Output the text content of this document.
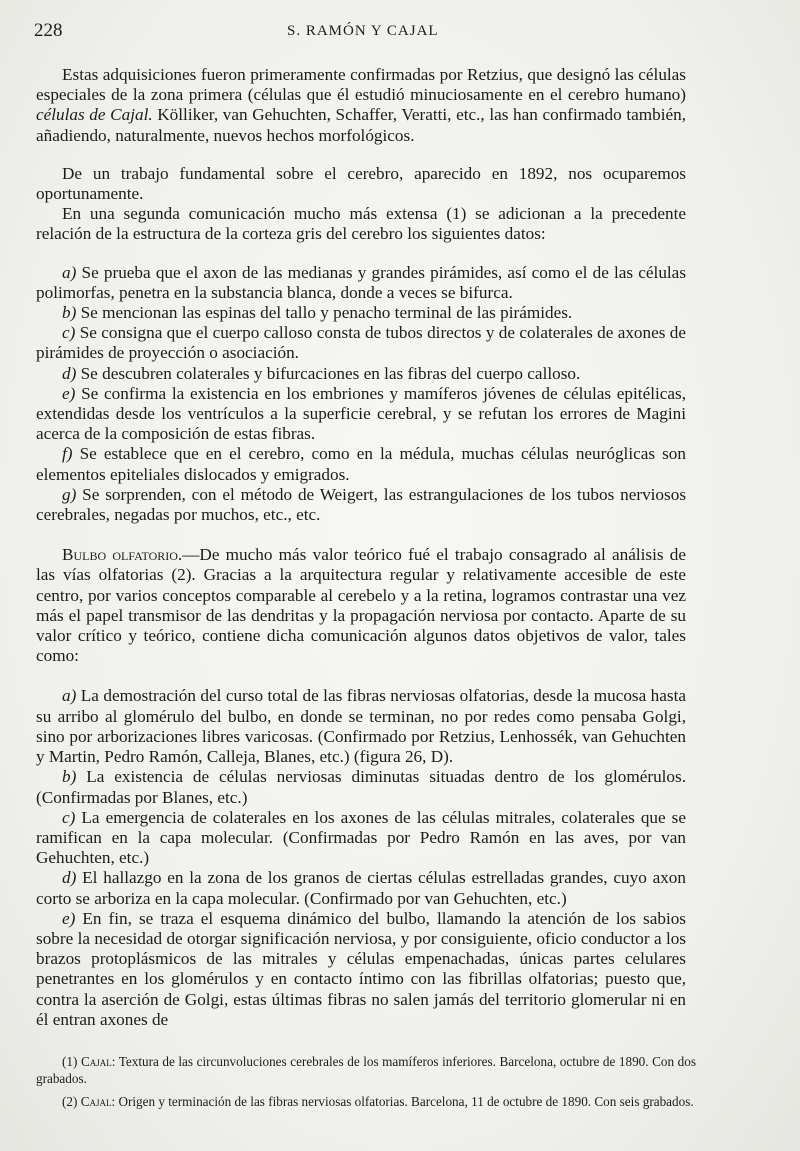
228	S. RAMÓN Y CAJAL

Estas adquisiciones fueron primeramente confirmadas por Retzius, que designó las células especiales de la zona primera (células que él estudió minuciosamente en el cerebro humano) células de Cajal. Kölliker, van Gehuchten, Schaffer, Veratti, etc., las han confirmado también, añadiendo, naturalmente, nuevos hechos morfológicos.

De un trabajo fundamental sobre el cerebro, aparecido en 1892, nos ocuparemos oportunamente.

En una segunda comunicación mucho más extensa (1) se adicionan a la precedente relación de la estructura de la corteza gris del cerebro los siguientes datos:

a) Se prueba que el axon de las medianas y grandes pirámides, así como el de las células polimorfas, penetra en la substancia blanca, donde a veces se bifurca.

b) Se mencionan las espinas del tallo y penacho terminal de las pirámides.

c) Se consigna que el cuerpo calloso consta de tubos directos y de colaterales de axones de pirámides de proyección o asociación.

d) Se descubren colaterales y bifurcaciones en las fibras del cuerpo calloso.

e) Se confirma la existencia en los embriones y mamíferos jóvenes de células epitélicas, extendidas desde los ventrículos a la superficie cerebral, y se refutan los errores de Magini acerca de la composición de estas fibras.

f) Se establece que en el cerebro, como en la médula, muchas células neuróglicas son elementos epiteliales dislocados y emigrados.

g) Se sorprenden, con el método de Weigert, las estrangulaciones de los tubos nerviosos cerebrales, negadas por muchos, etc., etc.

Bulbo olfatorio.—De mucho más valor teórico fué el trabajo consagrado al análisis de las vías olfatorias (2). Gracias a la arquitectura regular y relativamente accesible de este centro, por varios conceptos comparable al cerebelo y a la retina, logramos contrastar una vez más el papel transmisor de las dendritas y la propagación nerviosa por contacto. Aparte de su valor crítico y teórico, contiene dicha comunicación algunos datos objetivos de valor, tales como:

a) La demostración del curso total de las fibras nerviosas olfatorias, desde la mucosa hasta su arribo al glomérulo del bulbo, en donde se terminan, no por redes como pensaba Golgi, sino por arborizaciones libres varicosas. (Confirmado por Retzius, Lenhossék, van Gehuchten y Martin, Pedro Ramón, Calleja, Blanes, etc.) (figura 26, D).

b) La existencia de células nerviosas diminutas situadas dentro de los glomérulos. (Confirmadas por Blanes, etc.)

c) La emergencia de colaterales en los axones de las células mitrales, colaterales que se ramifican en la capa molecular. (Confirmadas por Pedro Ramón en las aves, por van Gehuchten, etc.)

d) El hallazgo en la zona de los granos de ciertas células estrelladas grandes, cuyo axon corto se arboriza en la capa molecular. (Confirmado por van Gehuchten, etc.)

e) En fin, se traza el esquema dinámico del bulbo, llamando la atención de los sabios sobre la necesidad de otorgar significación nerviosa, y por consiguiente, oficio conductor a los brazos protoplásmicos de las mitrales y células empenachadas, únicas partes celulares penetrantes en los glomérulos y en contacto íntimo con las fibrillas olfatorias; puesto que, contra la aserción de Golgi, estas últimas fibras no salen jamás del territorio glomerular ni en él entran axones de

(1) Cajal: Textura de las circunvoluciones cerebrales de los mamíferos inferiores. Barcelona, octubre de 1890. Con dos grabados.

(2) Cajal: Origen y terminación de las fibras nerviosas olfatorias. Barcelona, 11 de octubre de 1890. Con seis grabados.
